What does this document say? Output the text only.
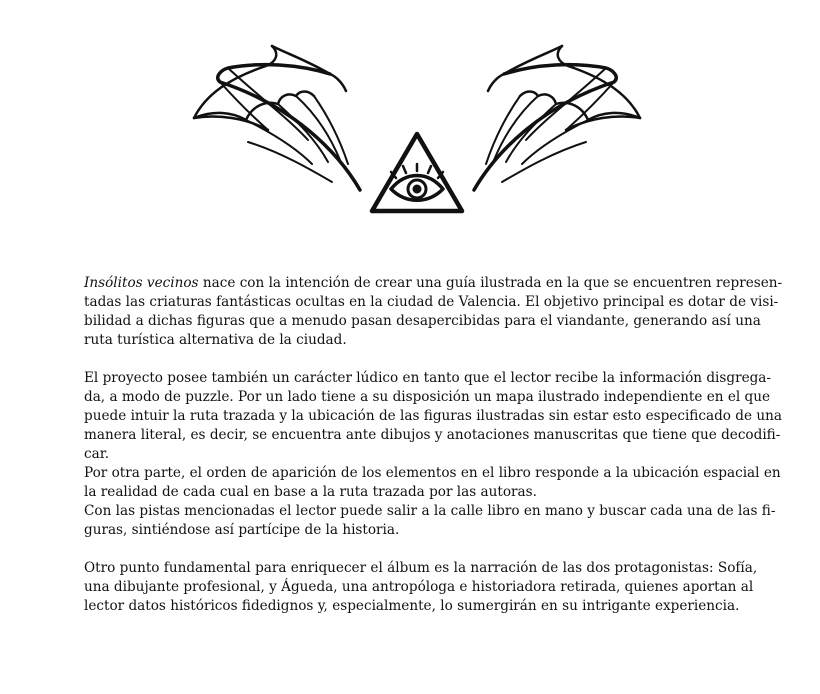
Insólitos vecinos nace con la intención de crear una guía ilustrada en la que se encuentren represen-

tadas las criaturas fantásticas ocultas en la ciudad de Valencia. El objetivo principal es dotar de visi-

bilidad a dichas figuras que a menudo pasan desapercibidas para el viandante, generando así una

ruta turística alternativa de la ciudad.

El proyecto posee también un carácter lúdico en tanto que el lector recibe la información disgrega-

da, a modo de puzzle. Por un lado tiene a su disposición un mapa ilustrado independiente en el que

puede intuir la ruta trazada y la ubicación de las figuras ilustradas sin estar esto especificado de una

manera literal, es decir, se encuentra ante dibujos y anotaciones manuscritas que tiene que decodifi-

car.

Por otra parte, el orden de aparición de los elementos en el libro responde a la ubicación espacial en

la realidad de cada cual en base a la ruta trazada por las autoras.

Con las pistas mencionadas el lector puede salir a la calle libro en mano y buscar cada una de las fi-

guras, sintiéndose así partícipe de la historia.

Otro punto fundamental para enriquecer el álbum es la narración de las dos protagonistas: Sofía,

una dibujante profesional, y Águeda, una antropóloga e historiadora retirada, quienes aportan al

lector datos históricos fidedignos y, especialmente, lo sumergirán en su intrigante experiencia.
